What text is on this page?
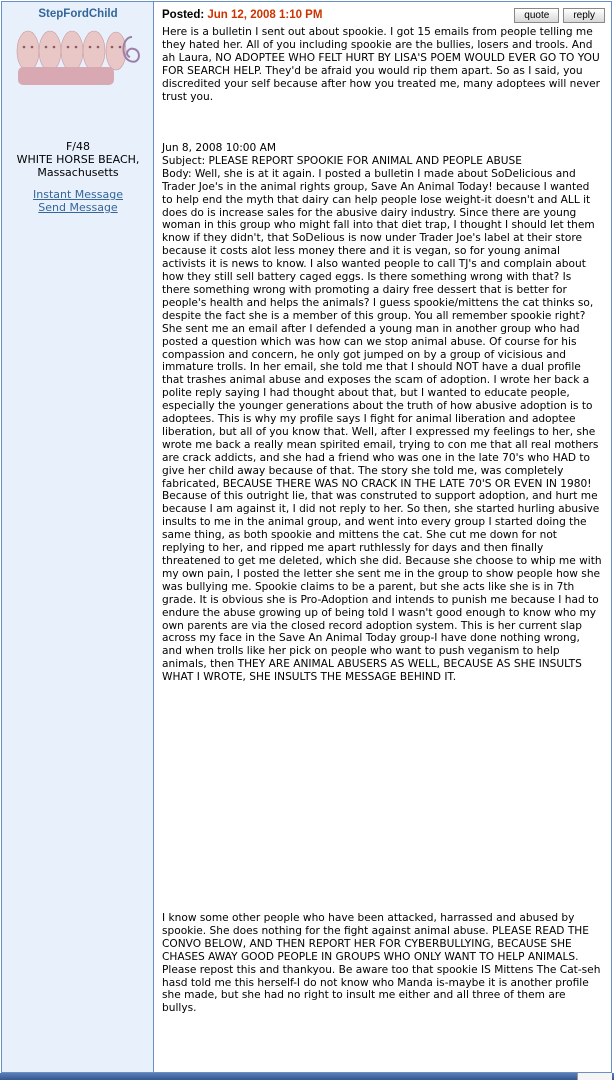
StepFordChild
F/48
WHITE HORSE BEACH,
Massachusetts
Instant Message
Send Message
Posted: Jun 12, 2008 1:10 PM	quote	reply
Here is a bulletin I sent out about spookie. I got 15 emails from people telling me they hated her. All of you including spookie are the bullies, losers and trools. And ah Laura, NO ADOPTEE WHO FELT HURT BY LISA'S POEM WOULD EVER GO TO YOU FOR SEARCH HELP. They'd be afraid you would rip them apart. So as I said, you discredited your self because after how you treated me, many adoptees will never trust you.
Jun 8, 2008 10:00 AM
Subject: PLEASE REPORT SPOOKIE FOR ANIMAL AND PEOPLE ABUSE
Body: Well, she is at it again. I posted a bulletin I made about SoDelicious and Trader Joe's in the animal rights group, Save An Animal Today! because I wanted to help end the myth that dairy can help people lose weight-it doesn't and ALL it does do is increase sales for the abusive dairy industry. Since there are young woman in this group who might fall into that diet trap, I thought I should let them know if they didn't, that SoDelious is now under Trader Joe's label at their store because it costs alot less money there and it is vegan, so for young animal activists it is news to know. I also wanted people to call TJ's and complain about how they still sell battery caged eggs. Is there something wrong with that? Is there something wrong with promoting a dairy free dessert that is better for people's health and helps the animals? I guess spookie/mittens the cat thinks so, despite the fact she is a member of this group. You all remember spookie right? She sent me an email after I defended a young man in another group who had posted a question which was how can we stop animal abuse. Of course for his compassion and concern, he only got jumped on by a group of vicisious and immature trolls. In her email, she told me that I should NOT have a dual profile that trashes animal abuse and exposes the scam of adoption. I wrote her back a polite reply saying I had thought about that, but I wanted to educate people, especially the younger generations about the truth of how abusive adoption is to adoptees. This is why my profile says I fight for animal liberation and adoptee liberation, but all of you know that. Well, after I expressed my feelings to her, she wrote me back a really mean spirited email, trying to con me that all real mothers are crack addicts, and she had a friend who was one in the late 70's who HAD to give her child away because of that. The story she told me, was completely fabricated, BECAUSE THERE WAS NO CRACK IN THE LATE 70'S OR EVEN IN 1980! Because of this outright lie, that was construted to support adoption, and hurt me because I am against it, I did not reply to her. So then, she started hurling abusive insults to me in the animal group, and went into every group I started doing the same thing, as both spookie and mittens the cat. She cut me down for not replying to her, and ripped me apart ruthlessly for days and then finally threatened to get me deleted, which she did. Because she choose to whip me with my own pain, I posted the letter she sent me in the group to show people how she was bullying me. Spookie claims to be a parent, but she acts like she is in 7th grade. It is obvious she is Pro-Adoption and intends to punish me because I had to endure the abuse growing up of being told I wasn't good enough to know who my own parents are via the closed record adoption system. This is her current slap across my face in the Save An Animal Today group-I have done nothing wrong, and when trolls like her pick on people who want to push veganism to help animals, then THEY ARE ANIMAL ABUSERS AS WELL, BECAUSE AS SHE INSULTS WHAT I WROTE, SHE INSULTS THE MESSAGE BEHIND IT.
I know some other people who have been attacked, harrassed and abused by spookie. She does nothing for the fight against animal abuse. PLEASE READ THE CONVO BELOW, AND THEN REPORT HER FOR CYBERBULLYING, BECAUSE SHE CHASES AWAY GOOD PEOPLE IN GROUPS WHO ONLY WANT TO HELP ANIMALS. Please repost this and thankyou. Be aware too that spookie IS Mittens The Cat-seh hasd told me this herself-I do not know who Manda is-maybe it is another profile she made, but she had no right to insult me either and all three of them are bullys.
